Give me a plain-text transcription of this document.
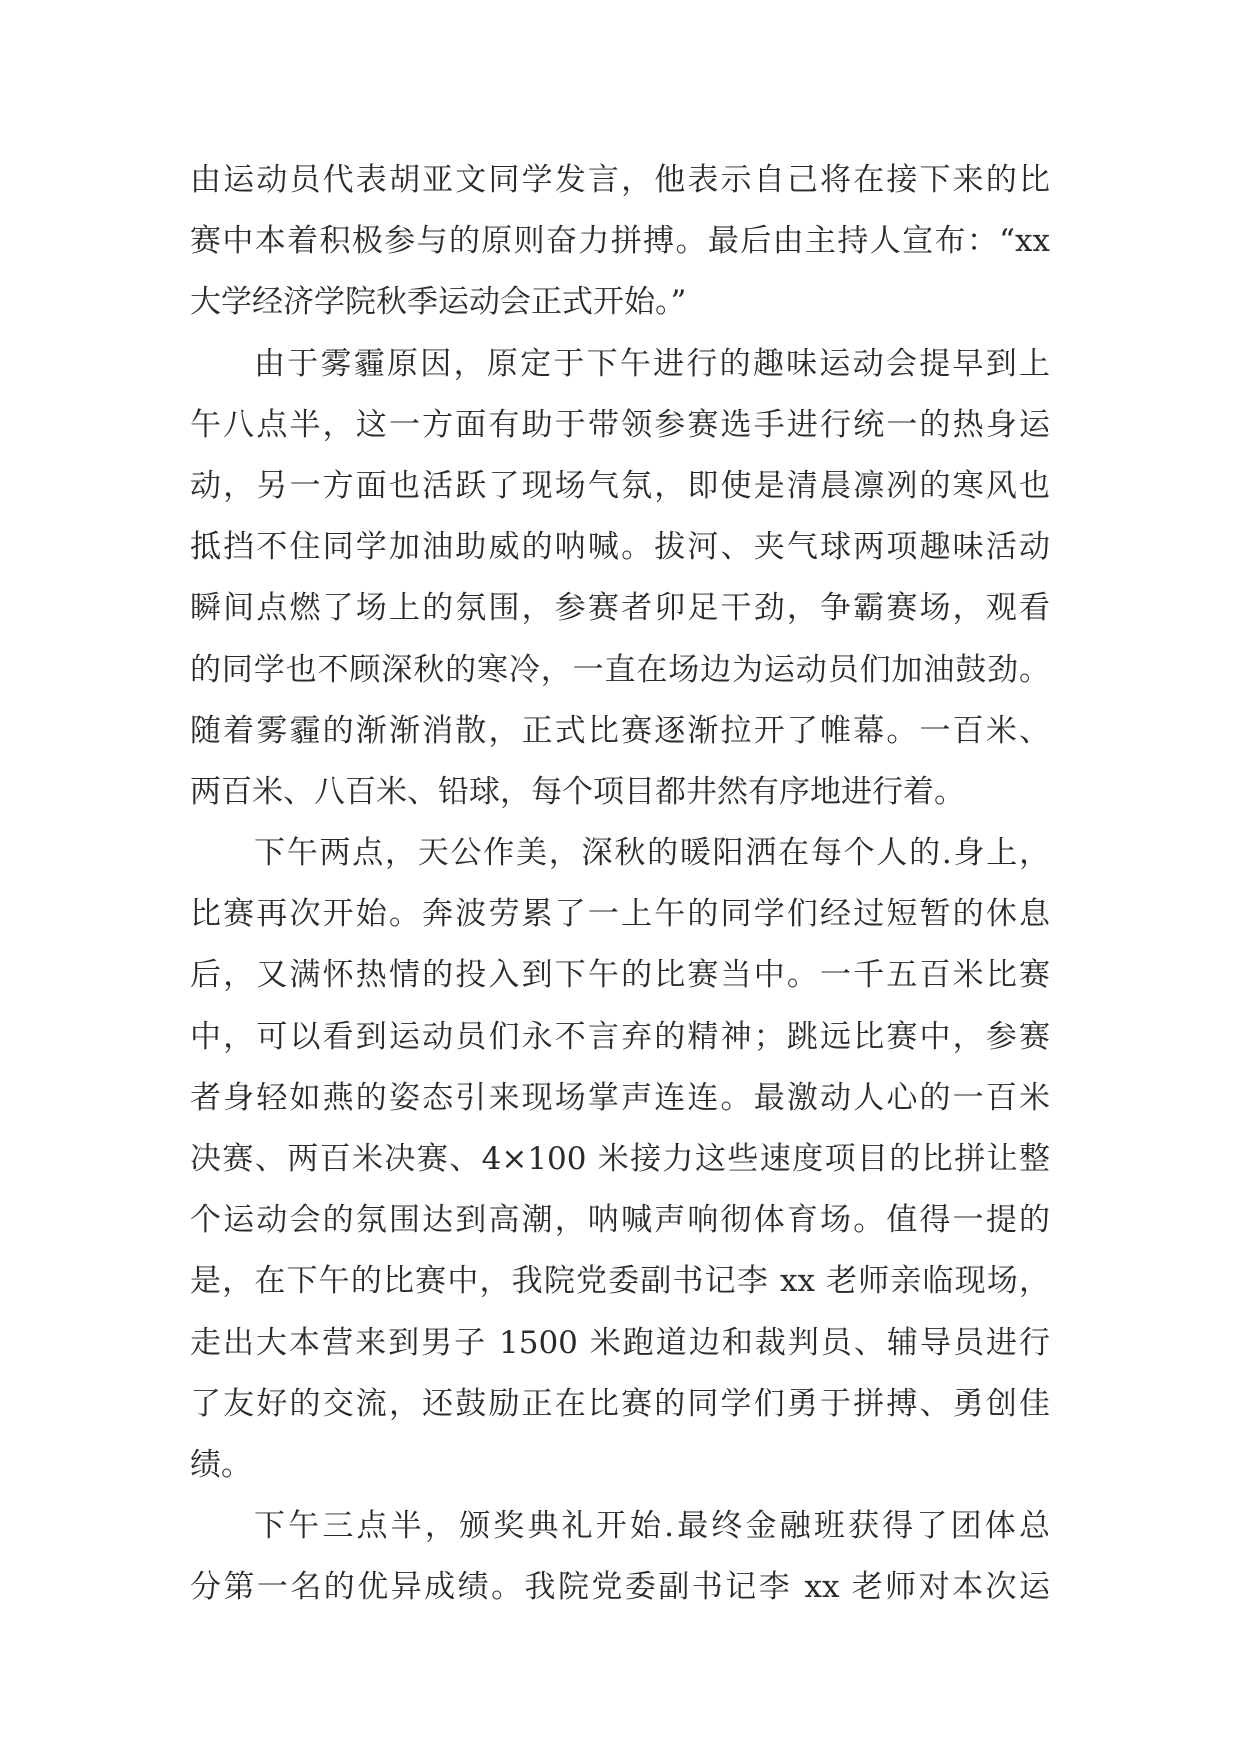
由运动员代表胡亚文同学发言，他表示自己将在接下来的比
赛中本着积极参与的原则奋力拼搏。最后由主持人宣布：“xx
大学经济学院秋季运动会正式开始。”
由于雾霾原因，原定于下午进行的趣味运动会提早到上
午八点半，这一方面有助于带领参赛选手进行统一的热身运
动，另一方面也活跃了现场气氛，即使是清晨凛冽的寒风也
抵挡不住同学加油助威的呐喊。拔河、夹气球两项趣味活动
瞬间点燃了场上的氛围，参赛者卯足干劲，争霸赛场，观看
的同学也不顾深秋的寒冷，一直在场边为运动员们加油鼓劲。
随着雾霾的渐渐消散，正式比赛逐渐拉开了帷幕。一百米、
两百米、八百米、铅球，每个项目都井然有序地进行着。
下午两点，天公作美，深秋的暖阳洒在每个人的.身上，
比赛再次开始。奔波劳累了一上午的同学们经过短暂的休息
后，又满怀热情的投入到下午的比赛当中。一千五百米比赛
中，可以看到运动员们永不言弃的精神；跳远比赛中，参赛
者身轻如燕的姿态引来现场掌声连连。最激动人心的一百米
决赛、两百米决赛、4×100 米接力这些速度项目的比拼让整
个运动会的氛围达到高潮，呐喊声响彻体育场。值得一提的
是，在下午的比赛中，我院党委副书记李 xx 老师亲临现场，
走出大本营来到男子 1500 米跑道边和裁判员、辅导员进行
了友好的交流，还鼓励正在比赛的同学们勇于拼搏、勇创佳
绩。
下午三点半，颁奖典礼开始.最终金融班获得了团体总
分第一名的优异成绩。我院党委副书记李 xx 老师对本次运
